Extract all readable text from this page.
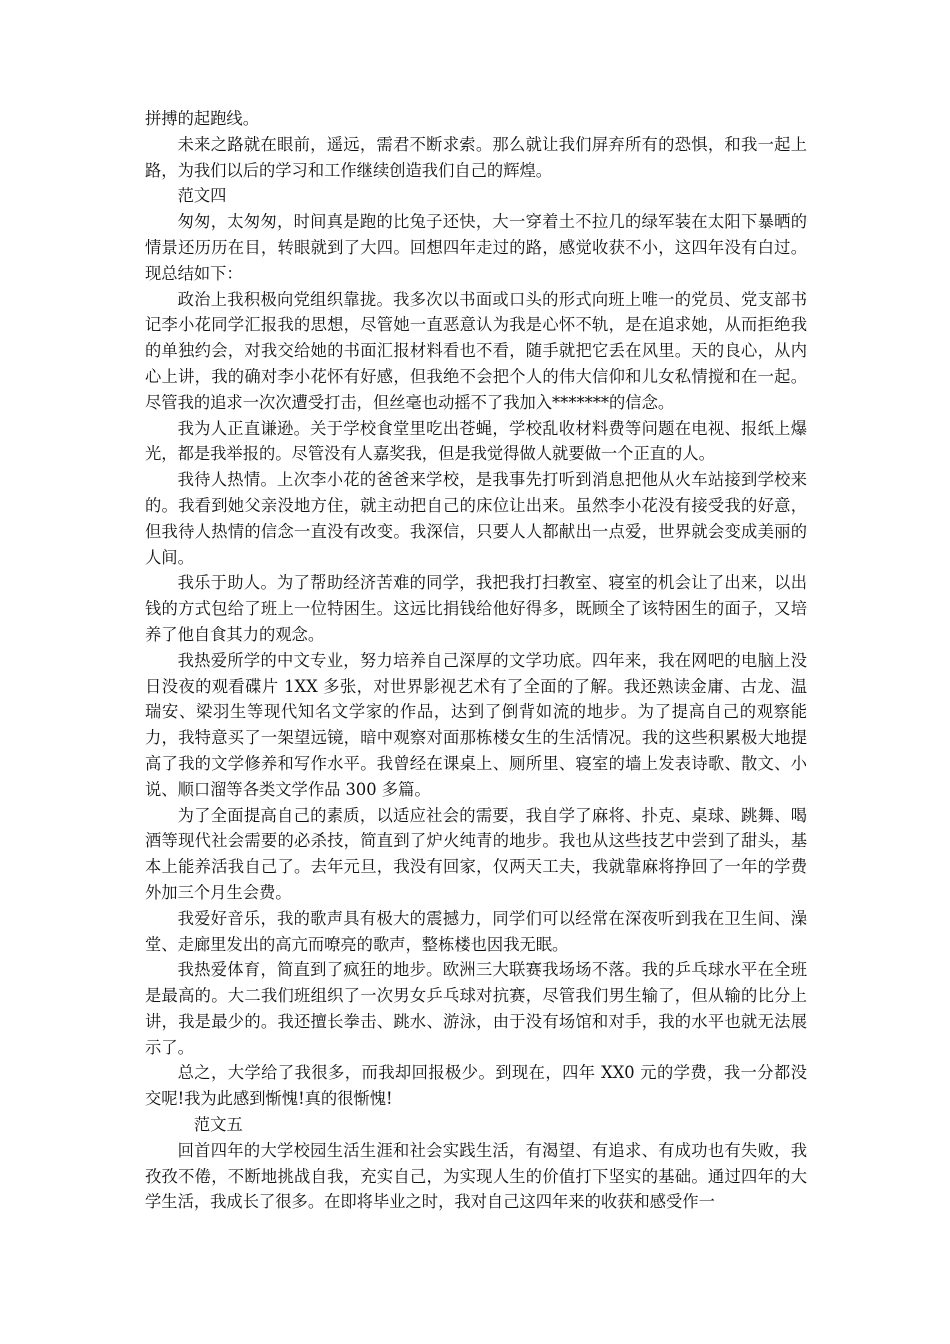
拼搏的起跑线。

未来之路就在眼前，遥远，需君不断求索。那么就让我们屏弃所有的恐惧，和我一起上路，为我们以后的学习和工作继续创造我们自己的辉煌。

范文四

匆匆，太匆匆，时间真是跑的比兔子还快，大一穿着土不拉几的绿军装在太阳下暴晒的情景还历历在目，转眼就到了大四。回想四年走过的路，感觉收获不小，这四年没有白过。现总结如下：

政治上我积极向党组织靠拢。我多次以书面或口头的形式向班上唯一的党员、党支部书记李小花同学汇报我的思想，尽管她一直恶意认为我是心怀不轨，是在追求她，从而拒绝我的单独约会，对我交给她的书面汇报材料看也不看，随手就把它丢在风里。天的良心，从内心上讲，我的确对李小花怀有好感，但我绝不会把个人的伟大信仰和儿女私情搅和在一起。尽管我的追求一次次遭受打击，但丝毫也动摇不了我加入*******的信念。

我为人正直谦逊。关于学校食堂里吃出苍蝇，学校乱收材料费等问题在电视、报纸上爆光，都是我举报的。尽管没有人嘉奖我，但是我觉得做人就要做一个正直的人。

我待人热情。上次李小花的爸爸来学校，是我事先打听到消息把他从火车站接到学校来的。我看到她父亲没地方住，就主动把自己的床位让出来。虽然李小花没有接受我的好意，但我待人热情的信念一直没有改变。我深信，只要人人都献出一点爱，世界就会变成美丽的人间。

我乐于助人。为了帮助经济苦难的同学，我把我打扫教室、寝室的机会让了出来，以出钱的方式包给了班上一位特困生。这远比捐钱给他好得多，既顾全了该特困生的面子，又培养了他自食其力的观念。

我热爱所学的中文专业，努力培养自己深厚的文学功底。四年来，我在网吧的电脑上没日没夜的观看碟片 1XX 多张，对世界影视艺术有了全面的了解。我还熟读金庸、古龙、温瑞安、梁羽生等现代知名文学家的作品，达到了倒背如流的地步。为了提高自己的观察能力，我特意买了一架望远镜，暗中观察对面那栋楼女生的生活情况。我的这些积累极大地提高了我的文学修养和写作水平。我曾经在课桌上、厕所里、寝室的墙上发表诗歌、散文、小说、顺口溜等各类文学作品 300 多篇。

为了全面提高自己的素质，以适应社会的需要，我自学了麻将、扑克、桌球、跳舞、喝酒等现代社会需要的必杀技，简直到了炉火纯青的地步。我也从这些技艺中尝到了甜头，基本上能养活我自己了。去年元旦，我没有回家，仅两天工夫，我就靠麻将挣回了一年的学费外加三个月生会费。

我爱好音乐，我的歌声具有极大的震撼力，同学们可以经常在深夜听到我在卫生间、澡堂、走廊里发出的高亢而嘹亮的歌声，整栋楼也因我无眠。

我热爱体育，简直到了疯狂的地步。欧洲三大联赛我场场不落。我的乒乓球水平在全班是最高的。大二我们班组织了一次男女乒乓球对抗赛，尽管我们男生输了，但从输的比分上讲，我是最少的。我还擅长拳击、跳水、游泳，由于没有场馆和对手，我的水平也就无法展示了。

总之，大学给了我很多，而我却回报极少。到现在，四年 XX0 元的学费，我一分都没交呢!我为此感到惭愧!真的很惭愧!

范文五

回首四年的大学校园生活生涯和社会实践生活，有渴望、有追求、有成功也有失败，我孜孜不倦，不断地挑战自我，充实自己，为实现人生的价值打下坚实的基础。通过四年的大学生活，我成长了很多。在即将毕业之时，我对自己这四年来的收获和感受作一
